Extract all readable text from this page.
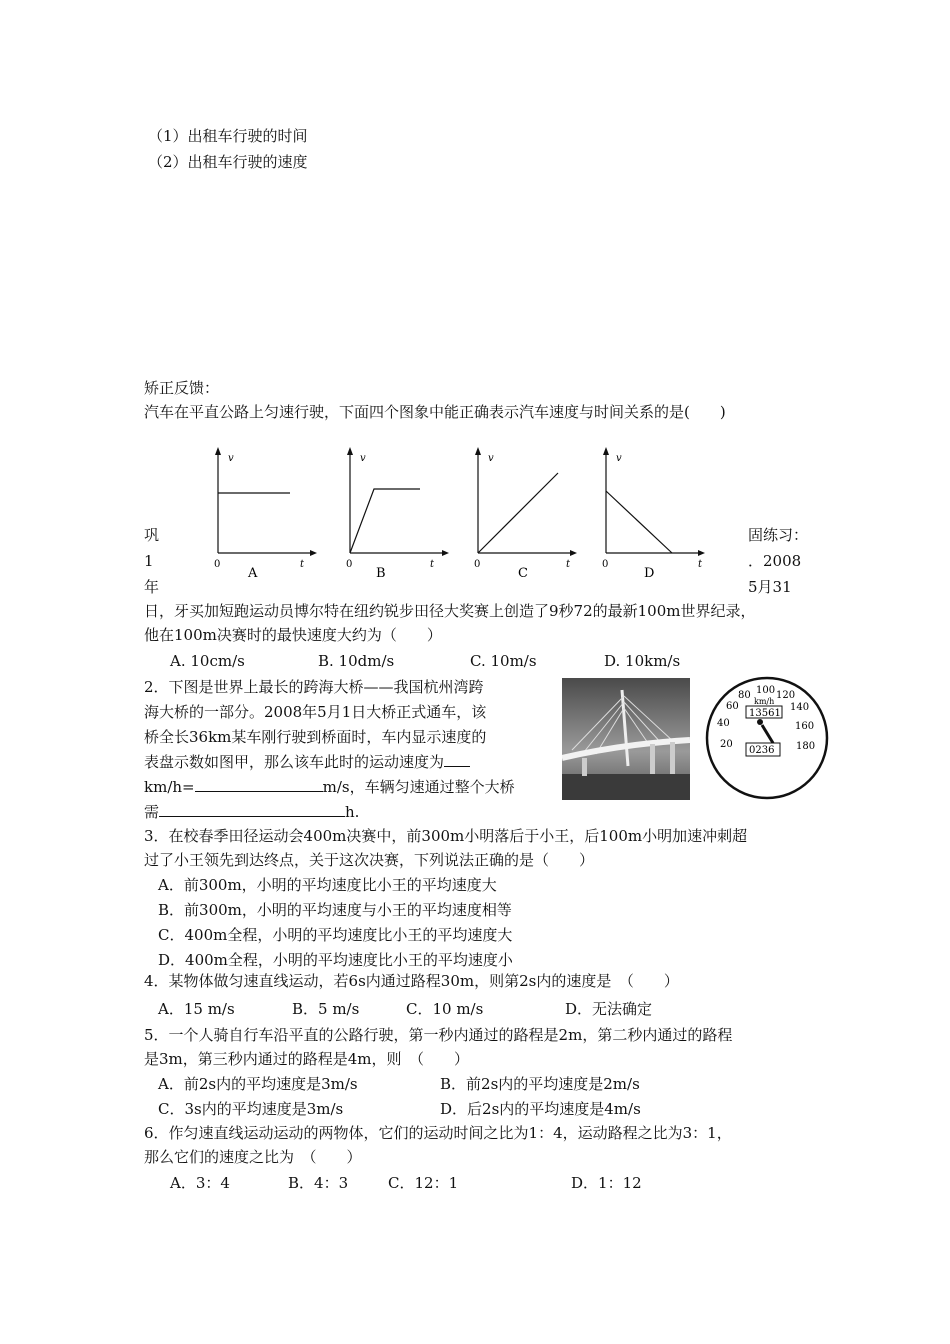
（1）出租车行驶的时间
（2）出租车行驶的速度
矫正反馈：
汽车在平直公路上匀速行驶，下面四个图象中能正确表示汽车速度与时间关系的是(　　)
v
0	t
A
v
0	t
B
v
0	t
C
v
0	t
D
巩
1
年
固练习：
．2008
5月31
日，牙买加短跑运动员博尔特在纽约锐步田径大奖赛上创造了9秒72的最新100m世界纪录，
他在100m决赛时的最快速度大约为（　　）
A. 10cm/s	B. 10dm/s	C. 10m/s	D. 10km/s
2．下图是世界上最长的跨海大桥——我国杭州湾跨
海大桥的一部分。2008年5月1日大桥正式通车，该
桥全长36km某车刚行驶到桥面时，车内显示速度的
表盘示数如图甲，那么该车此时的运动速度为
km/h=	m/s，车辆匀速通过整个大桥
需	h.
20
40
60
80 100 120
140
160
180
km/h
13561
0236
3．在校春季田径运动会400m决赛中，前300m小明落后于小王，后100m小明加速冲刺超
过了小王领先到达终点，关于这次决赛，下列说法正确的是（　　）
A．前300m，小明的平均速度比小王的平均速度大
B．前300m，小明的平均速度与小王的平均速度相等
C．400m全程，小明的平均速度比小王的平均速度大
D．400m全程，小明的平均速度比小王的平均速度小
4．某物体做匀速直线运动，若6s内通过路程30m，则第2s内的速度是　（　　）
A．15 m/s	B．5 m/s	C．10 m/s	D．无法确定
5．一个人骑自行车沿平直的公路行驶，第一秒内通过的路程是2m，第二秒内通过的路程
是3m，第三秒内通过的路程是4m，则　（　　）
A．前2s内的平均速度是3m/s	B．前2s内的平均速度是2m/s
C．3s内的平均速度是3m/s	D．后2s内的平均速度是4m/s
6．作匀速直线运动运动的两物体，它们的运动时间之比为1：4，运动路程之比为3：1，
那么它们的速度之比为　（　　）
A．3：4	B．4：3	C．12：1	D．1：12
